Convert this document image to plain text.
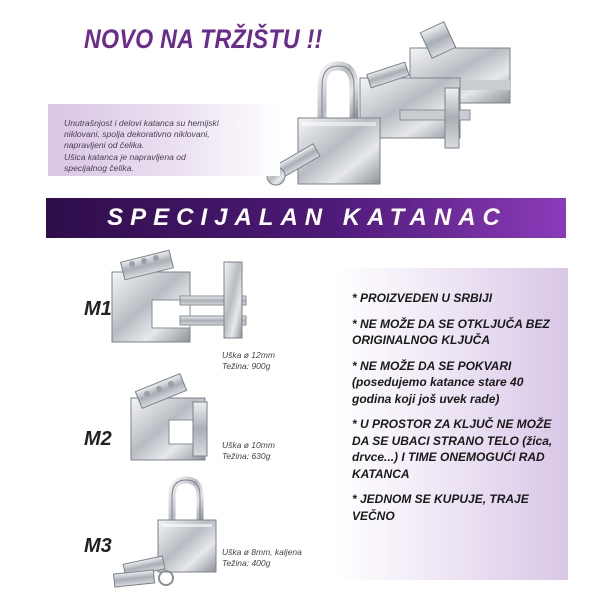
NOVO NA TRŽIŠTU !!
Unutrašnjost i delovi katanca su hemijski
niklovani, spolja dekorativno niklovani,
napravljeni od čelika.
Ušica katanca je napravljena od
specijalnog čelika.
SPECIJALAN KATANAC
M1
Uška ø 12mm
Težina: 900g
M2	Uška ø 10mm
Težina: 630g
M3	Uška ø 8mm, kaljena
Težina: 400g
* PROIZVEDEN U SRBIJI
* NE MOŽE DA SE OTKLJUČA BEZ ORIGINALNOG KLJUČA
* NE MOŽE DA SE POKVARI (posedujemo katance stare 40 godina koji još uvek rade)
* U PROSTOR ZA KLJUČ NE MOŽE DA SE UBACI STRANO TELO (žica, drvce...) I TIME ONEMOGUĆI RAD KATANCA
* JEDNOM SE KUPUJE, TRAJE VEČNO
